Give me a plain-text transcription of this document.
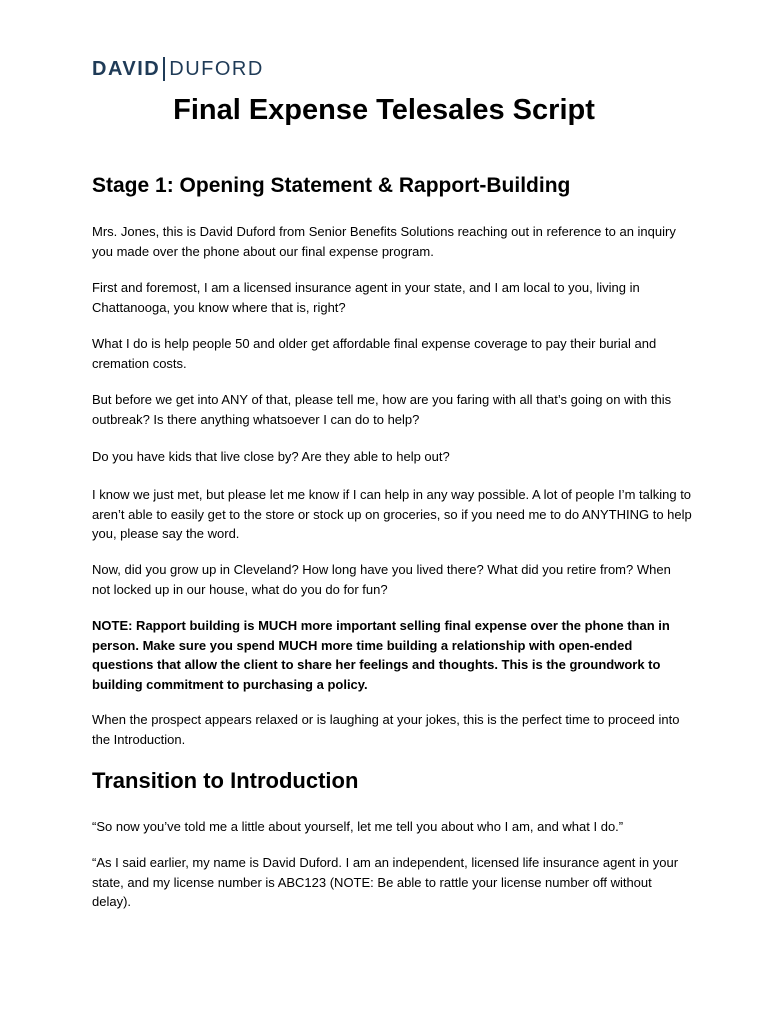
DAVID DUFORD
Final Expense Telesales Script
Stage 1: Opening Statement & Rapport-Building

Mrs. Jones, this is David Duford from Senior Benefits Solutions reaching out in reference to an inquiry you made over the phone about our final expense program.

First and foremost, I am a licensed insurance agent in your state, and I am local to you, living in Chattanooga, you know where that is, right?

What I do is help people 50 and older get affordable final expense coverage to pay their burial and cremation costs.

But before we get into ANY of that, please tell me, how are you faring with all that’s going on with this outbreak? Is there anything whatsoever I can do to help?

Do you have kids that live close by? Are they able to help out?

I know we just met, but please let me know if I can help in any way possible. A lot of people I’m talking to aren’t able to easily get to the store or stock up on groceries, so if you need me to do ANYTHING to help you, please say the word.

Now, did you grow up in Cleveland? How long have you lived there? What did you retire from? When not locked up in our house, what do you do for fun?

NOTE: Rapport building is MUCH more important selling final expense over the phone than in person. Make sure you spend MUCH more time building a relationship with open-ended questions that allow the client to share her feelings and thoughts. This is the groundwork to building commitment to purchasing a policy.

When the prospect appears relaxed or is laughing at your jokes, this is the perfect time to proceed into the Introduction.

Transition to Introduction

“So now you’ve told me a little about yourself, let me tell you about who I am, and what I do.”

“As I said earlier, my name is David Duford. I am an independent, licensed life insurance agent in your state, and my license number is ABC123 (NOTE: Be able to rattle your license number off without delay).
